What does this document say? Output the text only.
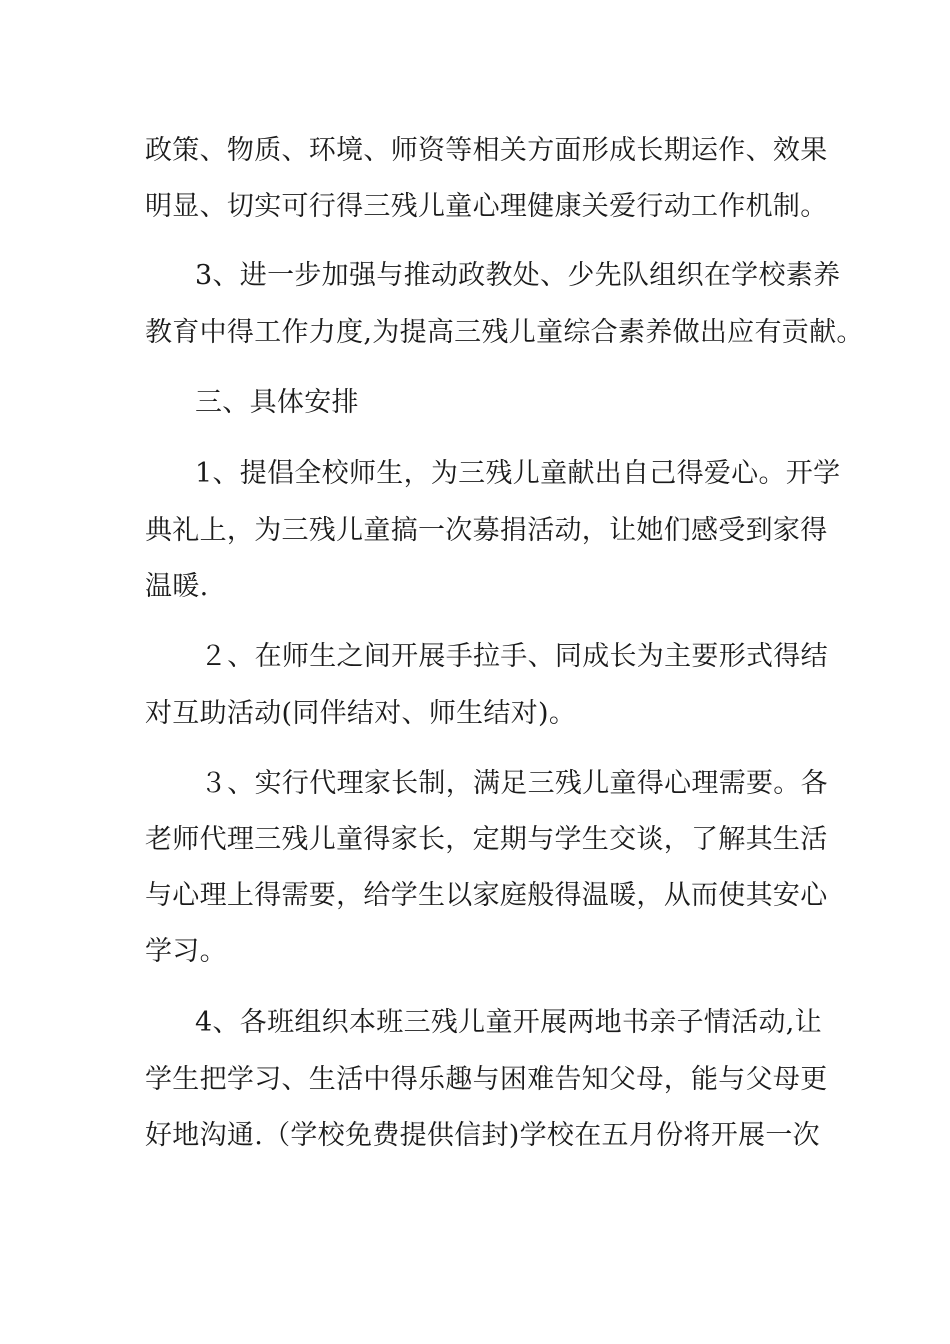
政策、物质、环境、师资等相关方面形成长期运作、效果
明显、切实可行得三残儿童心理健康关爱行动工作机制。
3、进一步加强与推动政教处、少先队组织在学校素养
教育中得工作力度,为提高三残儿童综合素养做出应有贡献。
三、具体安排
1、提倡全校师生，为三残儿童献出自己得爱心。开学
典礼上，为三残儿童搞一次募捐活动，让她们感受到家得
温暖.
２、在师生之间开展手拉手、同成长为主要形式得结
对互助活动(同伴结对、师生结对)。
３、实行代理家长制，满足三残儿童得心理需要。各
老师代理三残儿童得家长，定期与学生交谈，了解其生活
与心理上得需要，给学生以家庭般得温暖，从而使其安心
学习。
4、各班组织本班三残儿童开展两地书亲子情活动,让
学生把学习、生活中得乐趣与困难告知父母，能与父母更
好地沟通.（学校免费提供信封)学校在五月份将开展一次
